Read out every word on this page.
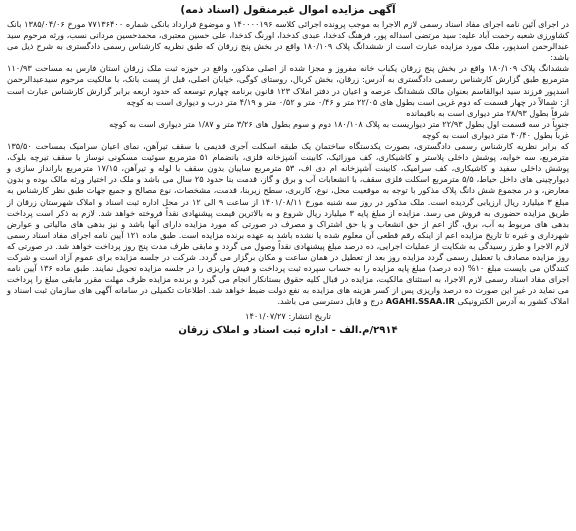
آگهی مزایده اموال غیرمنقول (اسناد ذمه)

در اجرای آئین نامه اجرای مفاد اسناد رسمی لازم الاجرا به موجب پرونده اجرائی کلاسه ۱۴۰۰۰۰۱۹۶ و موضوع قرارداد بانکی شماره ۷۷۱۳۶۴۰۰ مورخ ۱۳۸۵/۰۴/۰۶ بانک کشاورزی شعبه رحمت آباد علیه: سید مرتضی اسداله پور، فرهنگ کدخدا، عبدی کدخدا، اورنگ کدخدا، علی حسین معتبری، محمدحسین مردانی نسب، ورثه مرحوم سید عبدالرحمن اسدپور، ملک مورد مزایده عبارت است از ششدانگ پلاک ۱۸۰/۱۰۹ واقع در بخش پنج زرقان که طبق نظریه کارشناس رسمی دادگستری به شرح ذیل می باشد:

ششدانگ پلاک ۱۸۰/۱۰۹ واقع در بخش پنج زرقان یکباب خانه مفروز و مجزا شده از اصلی مذکور، واقع در حوزه ثبت ملک زرقان استان فارس به مساحت ۱۱۰/۹۳ مترمربع طبق گزارش کارشناس رسمی دادگستری به آدرس: زرقان، بخش کربال، روستای کوگی، خیابان اصلی، قبل از پست بانک، با مالکیت مرحوم سیدعبدالرحمن اسدپور فرزند سید ابوالقاسم بعنوان مالک ششدانگ عرصه و اعیان در دفتر املاک ۱۲۳ قانون برنامه چهارم توسعه که حدود اربعه برابر گزارش کارشناس عبارت است از: شمالاً در چهار قسمت که دوم غربی است بطول های ۲۲/۰۵ متر و ۰/۴۶ متر و ۰/۵۲ متر و ۴/۱۹ متر درب و دیواری است به کوچه

شرقاً بطول ۲۸/۹۳ متر دیواری است به باقیمانده

جنوباً در سه قسمت اول بطول ۲۲/۹۳ متر دیواریست به پلاک ۱۸۰/۱۰۸ دوم و سوم بطول های ۳/۲۶ متر و ۱/۸۷ متر دیواری است به کوچه

غرباً بطول ۴۰/۴۰ متر دیواری است به کوچه

که برابر نظریه کارشناس رسمی دادگستری، بصورت یکدستگاه ساختمان یک طبقه اسکلت آجری قدیمی با سقف تیرآهن، نمای اعیان سرامیک بمساحت ۱۳۵/۵۰ مترمربع، سه خوابه، پوشش داخلی پلاستر و کاشیکاری، کف موزائیک، کابینت آشپزخانه فلزی، بانضمام ۵۱ مترمربع سوئیت مسکونی نوساز با سقف تیرچه بلوک، پوشش داخلی سفید و کاشیکاری، کف سرامیک، کابینت آشپزخانه ام دی اف، ۵۳ مترمربع سایبان بدون سقف با لوله و تیرآهن، ۱۷/۱۵ مترمربع بارانداز سازی و دیوارچینی های داخل حیاط، ۵/۵ مترمربع اسکلت فلزی سقف، با انشعابات آب و برق و گاز، قدمت بنا حدود ۲۵ سال می باشد و ملک در اختیار ورثه مالک بوده و بدون معارض، و در مجموع شش دانگ پلاک مذکور با توجه به موقعیت محل، نوع، کاربری، سطح زیربنا، قدمت، مشخصات، نوع مصالح و جمیع جهات طبق نظر کارشناس به مبلغ ۳ میلیارد ریال ارزیابی گردیده است. ملک مذکور در روز سه شنبه مورخ ۱۴۰۱/۰۸/۱۱ از ساعت ۹ الی ۱۲ در محل اداره ثبت اسناد و املاک شهرستان زرقان از طریق مزایده حضوری به فروش می رسد. مزایده از مبلغ پایه ۳ میلیارد ریال شروع و به بالاترین قیمت پیشنهادی نقداً فروخته خواهد شد. لازم به ذکر است پرداخت بدهی های مربوط به آب، برق، گاز اعم از حق انشعاب و یا حق اشتراک و مصرف در صورتی که مورد مزایده دارای آنها باشد و نیز بدهی های مالیاتی و عوارض شهرداری و غیره تا تاریخ مزایده اعم از اینکه رقم قطعی آن معلوم شده یا نشده باشد به عهده برنده مزایده است. طبق ماده ۱۲۱ آیین نامه اجرای مفاد اسناد رسمی لازم الاجرا و طرز رسیدگی به شکایت از عملیات اجرایی، ده درصد مبلغ پیشنهادی نقداً وصول می گردد و مابقی ظرف مدت پنج روز پرداخت خواهد شد. در صورتی که روز مزایده مصادف با تعطیل رسمی گردد مزایده روز بعد از تعطیل در همان ساعت و مکان برگزار می گردد. شرکت در جلسه مزایده برای عموم آزاد است و شرکت کنندگان می بایست مبلغ ۱۰% (ده درصد) مبلغ پایه مزایده را به حساب سپرده ثبت پرداخت و فیش واریزی را در جلسه مزایده تحویل نمایند. طبق ماده ۱۳۶ آیین نامه اجرای مفاد اسناد رسمی لازم الاجرا، به استثنای مالکیت، مزایده در قبال کلیه حقوق بستانکار انجام می گیرد و برنده مزایده ظرف مهلت مقرر مابقی مبلغ را پرداخت می نماید در غیر این صورت ده درصد واریزی پس از کسر هزینه های مزایده به نفع دولت ضبط خواهد شد. اطلاعات تکمیلی در سامانه آگهی های سازمان ثبت اسناد و املاک کشور به آدرس الکترونیکی AGAHI.SSAA.IR درج و قابل دسترسی می باشد.

تاریخ انتشار: ۱۴۰۱/۰۷/۲۷

۲۹۱۴/م.الف - اداره ثبت اسناد و املاک زرقان
